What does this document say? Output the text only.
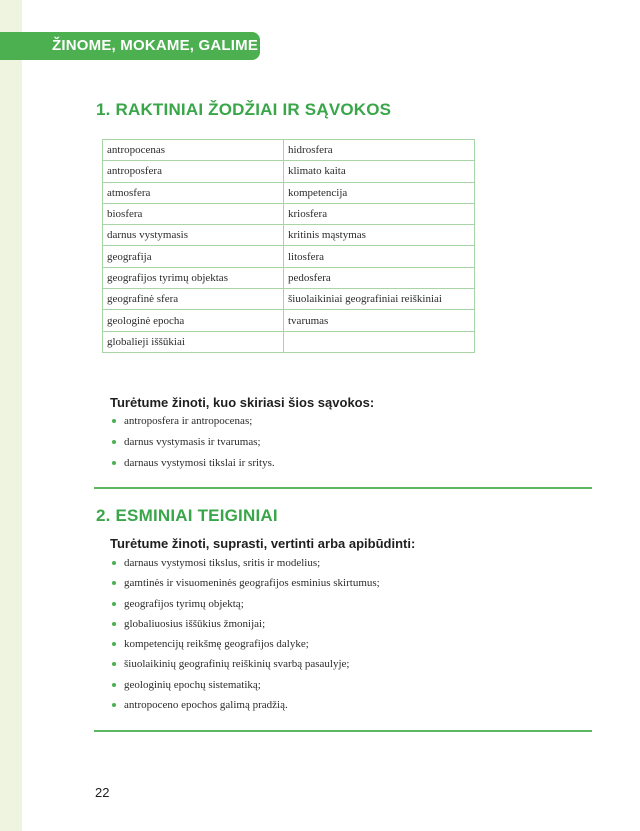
ŽINOME, MOKAME, GALIME
1. RAKTINIAI ŽODŽIAI IR SĄVOKOS
antropocenas	hidrosfera
antroposfera	klimato kaita
atmosfera	kompetencija
biosfera	kriosfera
darnus vystymasis	kritinis mąstymas
geografija	litosfera
geografijos tyrimų objektas	pedosfera
geografinė sfera	šiuolaikiniai geografiniai reiškiniai
geologinė epocha	tvarumas
globalieji iššūkiai	
Turėtume žinoti, kuo skiriasi šios sąvokos:
antroposfera ir antropocenas;
darnus vystymasis ir tvarumas;
darnaus vystymosi tikslai ir sritys.
2. ESMINIAI TEIGINIAI
Turėtume žinoti, suprasti, vertinti arba apibūdinti:
darnaus vystymosi tikslus, sritis ir modelius;
gamtinės ir visuomeninės geografijos esminius skirtumus;
geografijos tyrimų objektą;
globaliuosius iššūkius žmonijai;
kompetencijų reikšmę geografijos dalyke;
šiuolaikinių geografinių reiškinių svarbą pasaulyje;
geologinių epochų sistematiką;
antropoceno epochos galimą pradžią.
22
